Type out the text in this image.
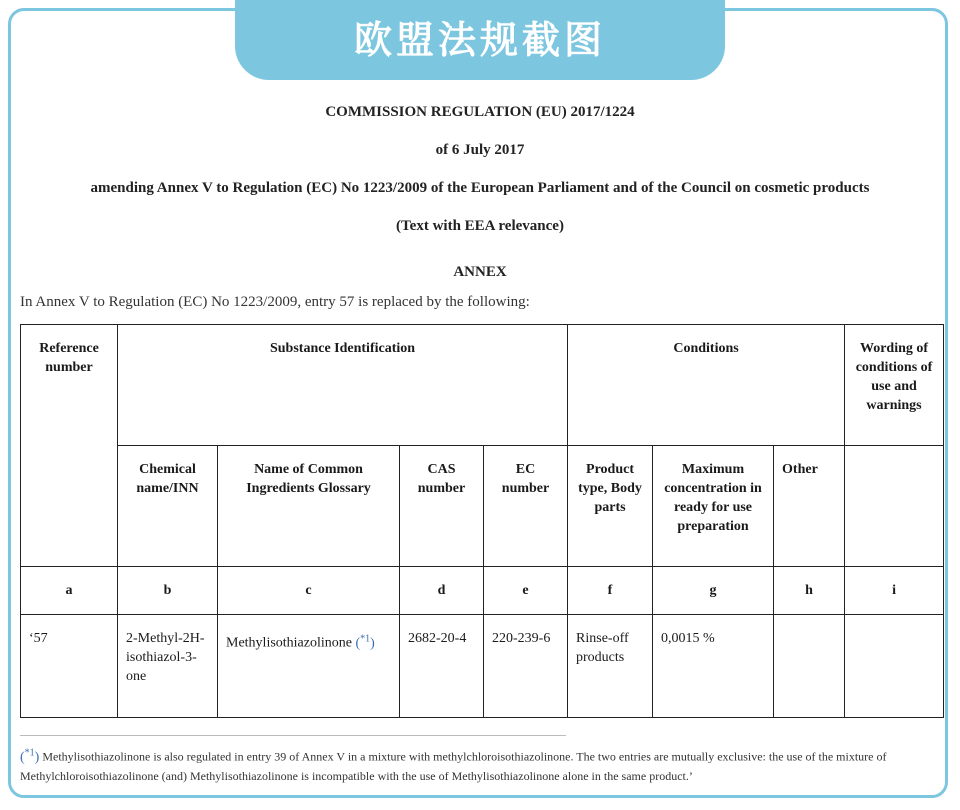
欧盟法规截图
COMMISSION REGULATION (EU) 2017/1224
of 6 July 2017
amending Annex V to Regulation (EC) No 1223/2009 of the European Parliament and of the Council on cosmetic products
(Text with EEA relevance)
ANNEX
In Annex V to Regulation (EC) No 1223/2009, entry 57 is replaced by the following:
Reference number	Substance Identification				Conditions			Wording of conditions of use and warnings
	Chemical name/INN	Name of Common Ingredients Glossary	CAS number	EC number	Product type, Body parts	Maximum concentration in ready for use preparation	Other	
a	b	c	d	e	f	g	h	i
‘57	2-Methyl-2H-isothiazol-3-one	Methylisothiazolinone ($^{*1}$)	2682-20-4	220-239-6	Rinse-off products	0,0015 %		
($^{*1}$) Methylisothiazolinone is also regulated in entry 39 of Annex V in a mixture with methylchloroisothiazolinone. The two entries are mutually exclusive: the use of the mixture of Methylchloroisothiazolinone (and) Methylisothiazolinone is incompatible with the use of Methylisothiazolinone alone in the same product.’
